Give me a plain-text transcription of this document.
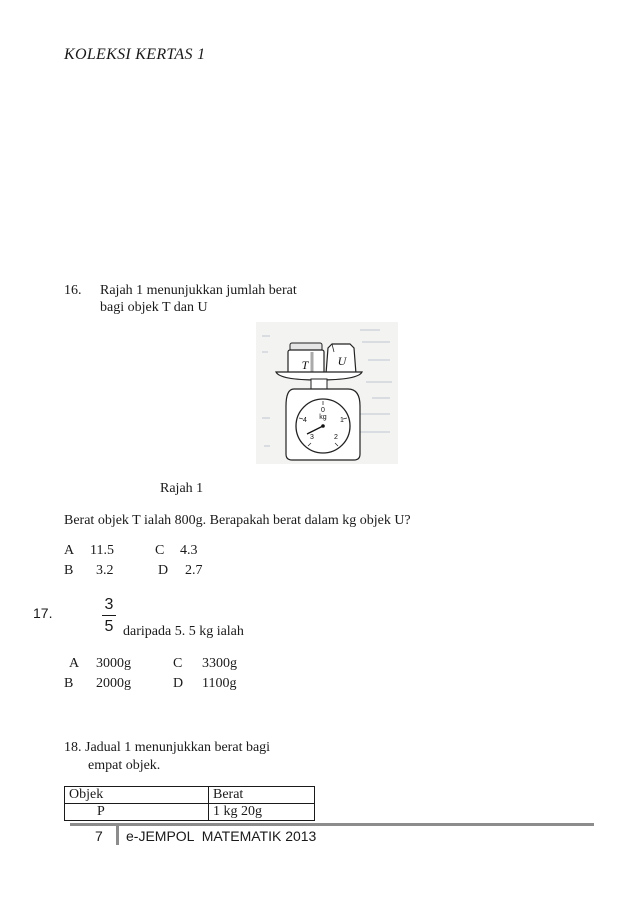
KOLEKSI KERTAS 1
16. Rajah 1 menunjukkan jumlah berat
bagi objek T dan U
T U
0
1
2
3
4 kg
Rajah 1
Berat objek T ialah 800g. Berapakah berat dalam kg objek U?
A 11.5	C 4.3
B 3.2	D 2.7
17.	3
5 daripada 5. 5 kg ialah
A 3000g	C 3300g
B 2000g	D 1100g
18. Jadual 1 menunjukkan berat bagi
empat objek.
Objek	Berat
P	1 kg 20g
7 e-JEMPOL  MATEMATIK 2013
